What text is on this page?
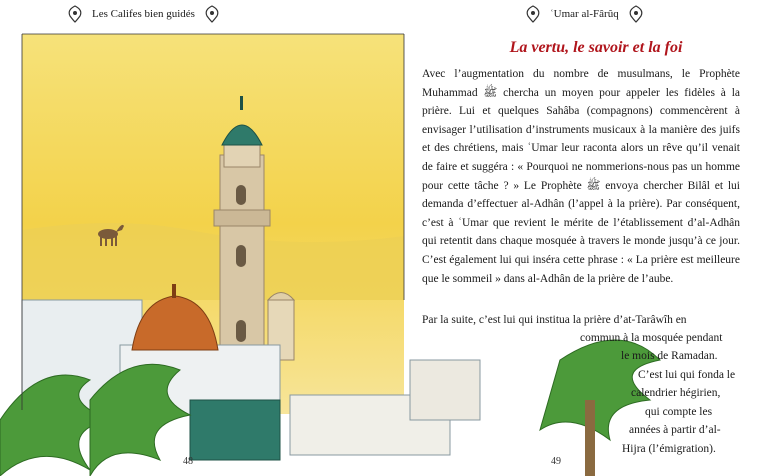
Les Califes bien guidés	ʿUmar al-Fârûq
La vertu, le savoir et la foi

Avec l’augmentation du nombre de musulmans, le Prophète Muhammad ﷺ chercha un moyen pour appeler les fidèles à la prière. Lui et quelques Sahâba (compagnons) commencèrent à envisager l’utilisation d’instruments musicaux à la manière des juifs et des chrétiens, mais ʿUmar leur raconta alors un rêve qu’il venait de faire et suggéra : « Pourquoi ne nommerions-nous pas un homme pour cette tâche ? » Le Prophète ﷺ envoya chercher Bilâl et lui demanda d’effectuer al-Adhân (l’appel à la prière). Par conséquent, c’est à ʿUmar que revient le mérite de l’établissement d’al-Adhân qui retentit dans chaque mosquée à travers le monde jusqu’à ce jour. C’est également lui qui inséra cette phrase : « La prière est meilleure que le sommeil » dans al-Adhân de la prière de l’aube.

Par la suite, c’est lui qui institua la prière d’at-Tarâwîh en
commun à la mosquée pendant
le mois de Ramadan.
C’est lui qui fonda le
calendrier hégirien,
qui compte les
années à partir d’al-
Hijra (l’émigration).
48	49
